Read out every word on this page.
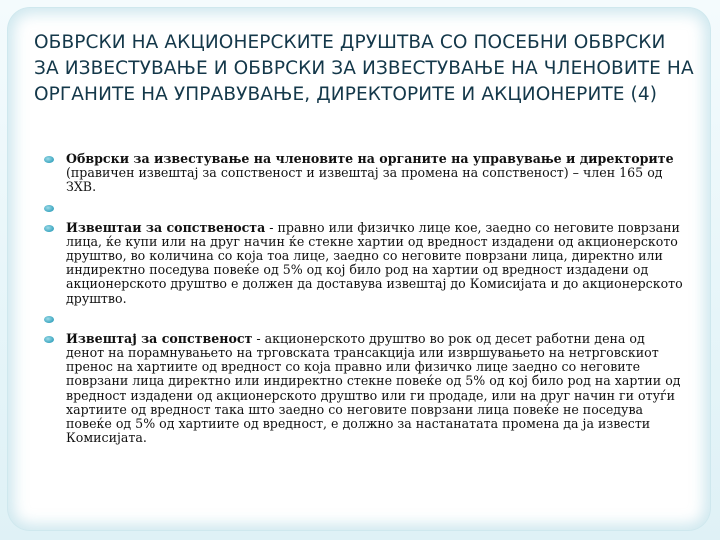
ОБВРСКИ НА АКЦИОНЕРСКИТЕ ДРУШТВА СО ПОСЕБНИ ОБВРСКИ ЗА ИЗВЕСТУВАЊЕ И ОБВРСКИ ЗА ИЗВЕСТУВАЊЕ НА ЧЛЕНОВИТЕ НА ОРГАНИТЕ НА УПРАВУВАЊЕ, ДИРЕКТОРИТЕ И АКЦИОНЕРИТЕ (4)
Обврски за известување на членовите на органите на управување и директорите (правичен извештај за сопственост и извештај за промена на сопственост) – член 165 од ЗХВ.
Извештаи за сопственоста - правно или физичко лице кое, заедно со неговите поврзани лица, ќе купи или на друг начин ќе стекне хартии од вредност издадени од акционерското друштво, во количина со која тоа лице, заедно со неговите поврзани лица, директно или индиректно поседува повеќе од 5% од кој било род на хартии од вредност издадени од акционерското друштво е должен да доставува извештај до Комисијата и до акционерското друштво.
Извештај за сопственост - акционерското друштво во рок од десет работни дена од денот на порамнувањето на трговската трансакција или извршувањето на нетрговскиот пренос на хартиите од вредност со која правно или физичко лице заедно со неговите поврзани лица директно или индиректно стекне повеќе од 5% од кој било род на хартии од вредност издадени од акционерското друштво или ги продаде, или на друг начин ги отуѓи хартиите од вредност така што заедно со неговите поврзани лица повеќе не поседува повеќе од 5% од хартиите од вредност, е должно за настанатата промена да ја извести Комисијата.
